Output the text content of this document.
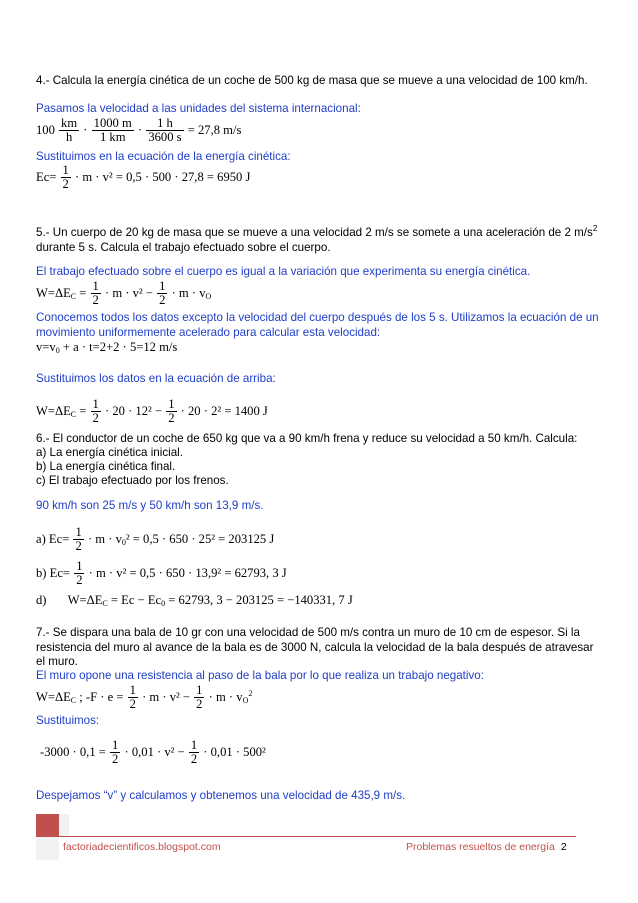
4.- Calcula la energía cinética de un coche de 500 kg de masa que se mueve a una velocidad de 100 km/h.
Pasamos la velocidad a las unidades del sistema internacional:
$100 \frac{km}{h} \cdot \frac{1000 m}{1 km} \cdot \frac{1 h}{3600 s} = 27,8$ m/s
Sustituimos en la ecuación de la energía cinética:
$Ec= \frac{1}{2} \cdot m \cdot v^2 = 0,5 \cdot 500 \cdot 27,8 = 6950$ J
5.- Un cuerpo de 20 kg de masa que se mueve a una velocidad 2 m/s se somete a una aceleración de 2 $m/s^2$ durante 5 s. Calcula el trabajo efectuado sobre el cuerpo.
El trabajo efectuado sobre el cuerpo es igual a la variación que experimenta su energía cinética.
$W=\Delta E_C = \frac{1}{2} \cdot m \cdot v^2 - \frac{1}{2} \cdot m \cdot v_O$
Conocemos todos los datos excepto la velocidad del cuerpo después de los 5 s. Utilizamos la ecuación de un movimiento uniformemente acelerado para calcular esta velocidad:
$v=v_0 + a \cdot t=2+2 \cdot 5=12$ m/s
Sustituimos los datos en la ecuación de arriba:
$W=\Delta E_C = \frac{1}{2} \cdot 20 \cdot 12^2 - \frac{1}{2} \cdot 20 \cdot 2^2 = 1400$ J
6.- El conductor de un coche de 650 kg que va a 90 km/h frena y reduce su velocidad a 50 km/h. Calcula:
a) La energía cinética inicial.
b) La energía cinética final.
c) El trabajo efectuado por los frenos.
90 km/h son 25 m/s y 50 km/h son 13,9 m/s.
a) $Ec= \frac{1}{2} \cdot m \cdot v_0^2 = 0,5 \cdot 650 \cdot 25^2 = 203125$ J
b) $Ec= \frac{1}{2} \cdot m \cdot v^2 = 0,5 \cdot 650 \cdot 13,9^2 = 62793$, 3 J
d) $W=\Delta E_C = Ec - Ec_0 = 62793$, 3 − 203125 = −140331, 7 J
7.- Se dispara una bala de 10 gr con una velocidad de 500 m/s contra un muro de 10 cm de espesor. Si la resistencia del muro al avance de la bala es de 3000 N, calcula la velocidad de la bala después de atravesar el muro.
El muro opone una resistencia al paso de la bala por lo que realiza un trabajo negativo:
$W=\Delta E_C$ ; $-F \cdot e = \frac{1}{2} \cdot m \cdot v^2 - \frac{1}{2} \cdot m \cdot v_O^2$
Sustituimos:
$-3000 \cdot 0,1 = \frac{1}{2} \cdot 0,01 \cdot v^2 - \frac{1}{2} \cdot 0,01 \cdot 500^2$
Despejamos “v” y calculamos y obtenemos una velocidad de 435,9 m/s.
factoriadecientificos.blogspot.com	Problemas resueltos de energía 2
